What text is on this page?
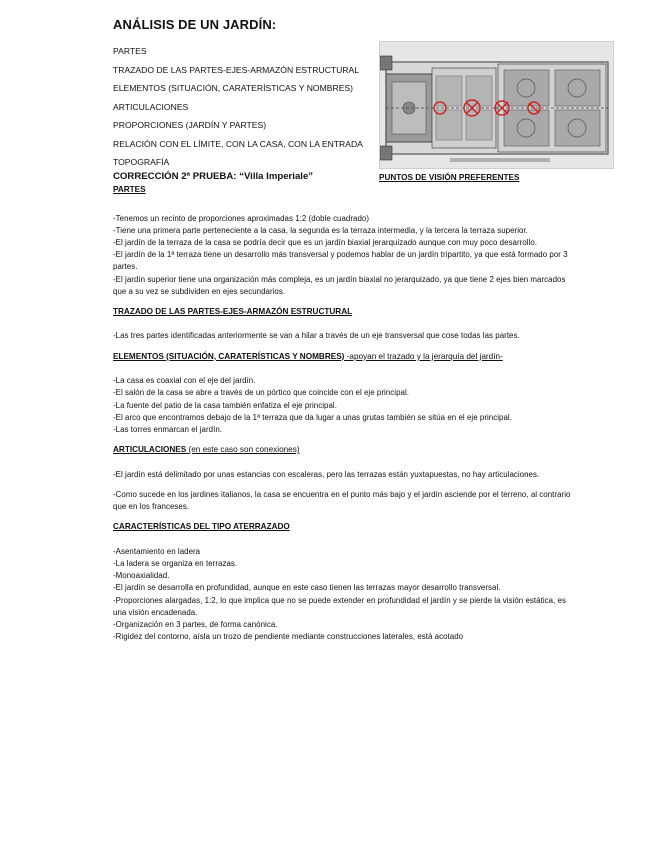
ANÁLISIS DE UN JARDÍN:
PARTES
TRAZADO DE LAS PARTES-EJES-ARMAZÓN ESTRUCTURAL
ELEMENTOS (SITUACIÓN, CARATERÍSTICAS Y NOMBRES)
ARTICULACIONES
PROPORCIONES (JARDÍN Y PARTES)
RELACIÓN CON EL LÍMITE, CON LA CASA, CON LA ENTRADA
TOPOGRAFÍA
CORRECCIÓN 2ª PRUEBA: “Villa Imperiale”	PUNTOS DE VISIÓN PREFERENTES
PARTES
-Tenemos un recinto de proporciones aproximadas 1:2 (doble cuadrado)
-Tiene una primera parte perteneciente a la casa, la segunda es la terraza intermedia, y la tercera la terraza superior.
-El jardín de la terraza de la casa se podría decir que es un jardín biaxial jerarquizado aunque con muy poco desarrollo.
-El jardín de la 1ª terraza tiene un desarrollo más transversal y podemos hablar de un jardín tripartito, ya que está formado por 3 partes.
-El jardín superior tiene una organización más compleja, es un jardín biaxial no jerarquizado, ya que tiene 2 ejes bien marcados que a su vez se subdividen en ejes secundarios.
TRAZADO DE LAS PARTES-EJES-ARMAZÓN ESTRUCTURAL
-Las tres partes identificadas anteriormente se van a hilar a través de un eje transversal que cose todas las partes.
ELEMENTOS (SITUACIÓN, CARATERÍSTICAS Y NOMBRES) -apoyan el trazado y la jerarquía del jardín-
-La casa es coaxial con el eje del jardín.
-El salón de la casa se abre a través de un pórtico que coincide con el eje principal.
-La fuente del patio de la casa también enfatiza el eje principal.
-El arco que encontramos debajo de la 1ª terraza que da lugar a unas grutas también se sitúa en el eje principal.
-Las torres enmarcan el jardín.
ARTICULACIONES (en este caso son conexiones)
-El jardín está delimitado por unas estancias con escaleras, pero las terrazas están yuxtapuestas, no hay articulaciones.
-Como sucede en los jardines italianos, la casa se encuentra en el punto más bajo y el jardín asciende por el terreno, al contrario que en los franceses.
CARACTERÍSTICAS DEL TIPO ATERRAZADO
-Asentamiento en ladera
-La ladera se organiza en terrazas.
-Monoaxialidad.
-El jardín se desarrolla en profundidad, aunque en este caso tienen las terrazas mayor desarrollo transversal.
-Proporciones alargadas, 1:2, lo que implica que no se puede extender en profundidad el jardín y se pierde la visión estática, es una visión encadenada.
-Organización en 3 partes, de forma canónica.
-Rigidez del contorno, aísla un trozo de pendiente mediante construcciones laterales, está acotado
